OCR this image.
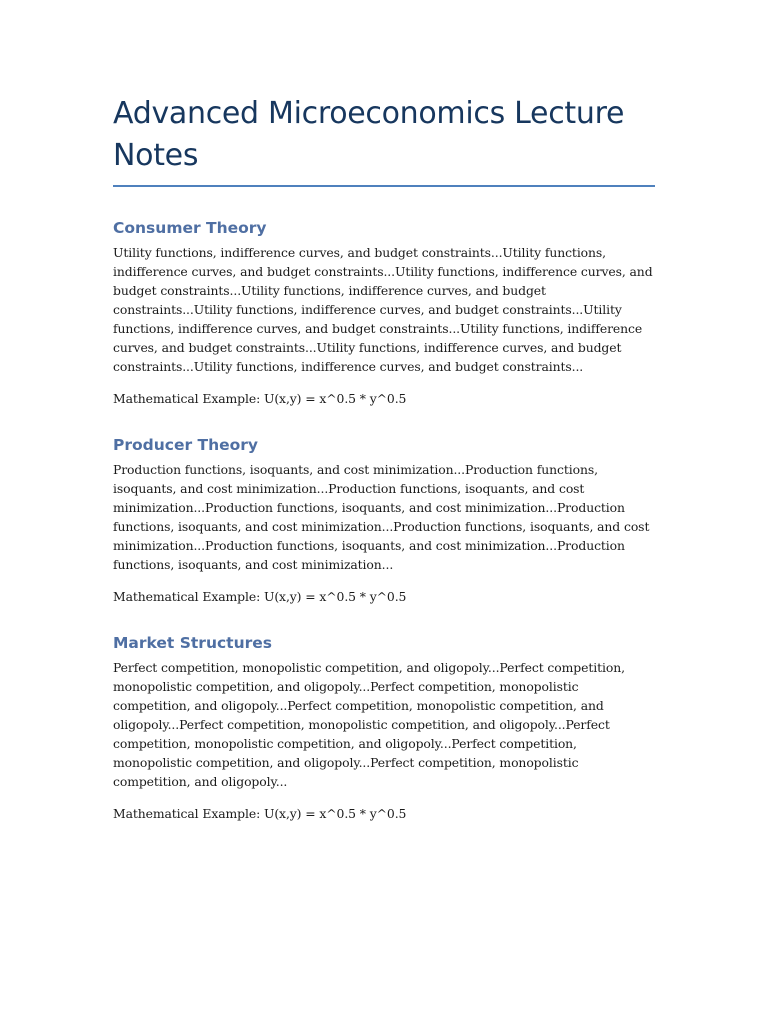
Advanced Microeconomics Lecture Notes
Consumer Theory

Utility functions, indifference curves, and budget constraints...Utility functions, indifference curves, and budget constraints...Utility functions, indifference curves, and budget constraints...Utility functions, indifference curves, and budget constraints...Utility functions, indifference curves, and budget constraints...Utility functions, indifference curves, and budget constraints...Utility functions, indifference curves, and budget constraints...Utility functions, indifference curves, and budget constraints...Utility functions, indifference curves, and budget constraints...

Mathematical Example: U(x,y) = x^0.5 * y^0.5

Producer Theory

Production functions, isoquants, and cost minimization...Production functions, isoquants, and cost minimization...Production functions, isoquants, and cost minimization...Production functions, isoquants, and cost minimization...Production functions, isoquants, and cost minimization...Production functions, isoquants, and cost minimization...Production functions, isoquants, and cost minimization...Production functions, isoquants, and cost minimization...

Mathematical Example: U(x,y) = x^0.5 * y^0.5

Market Structures

Perfect competition, monopolistic competition, and oligopoly...Perfect competition, monopolistic competition, and oligopoly...Perfect competition, monopolistic competition, and oligopoly...Perfect competition, monopolistic competition, and oligopoly...Perfect competition, monopolistic competition, and oligopoly...Perfect competition, monopolistic competition, and oligopoly...Perfect competition, monopolistic competition, and oligopoly...Perfect competition, monopolistic competition, and oligopoly...

Mathematical Example: U(x,y) = x^0.5 * y^0.5
